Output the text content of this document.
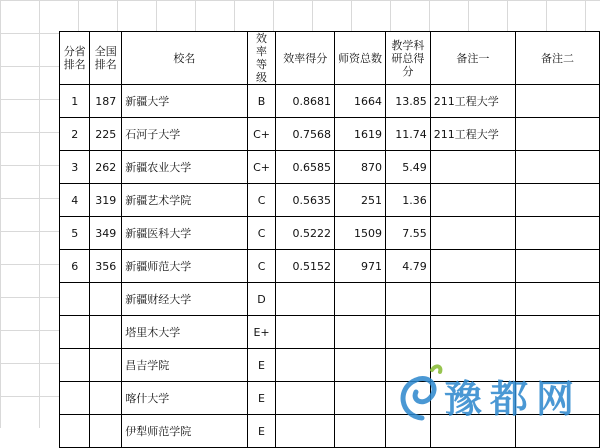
分省排名	全国排名	校名	效率等级	效率得分	师资总数	教学科研总得分	备注一	备注二
1	187	新疆大学	B	0.8681	1664	13.85	211工程大学	
2	225	石河子大学	C+	0.7568	1619	11.74	211工程大学	
3	262	新疆农业大学	C+	0.6585	870	5.49		
4	319	新疆艺术学院	C	0.5635	251	1.36		
5	349	新疆医科大学	C	0.5222	1509	7.55		
6	356	新疆师范大学	C	0.5152	971	4.79		
		新疆财经大学	D					
		塔里木大学	E+					
		昌吉学院	E					
		喀什大学	E					
		伊犁师范学院	E					
豫都网
